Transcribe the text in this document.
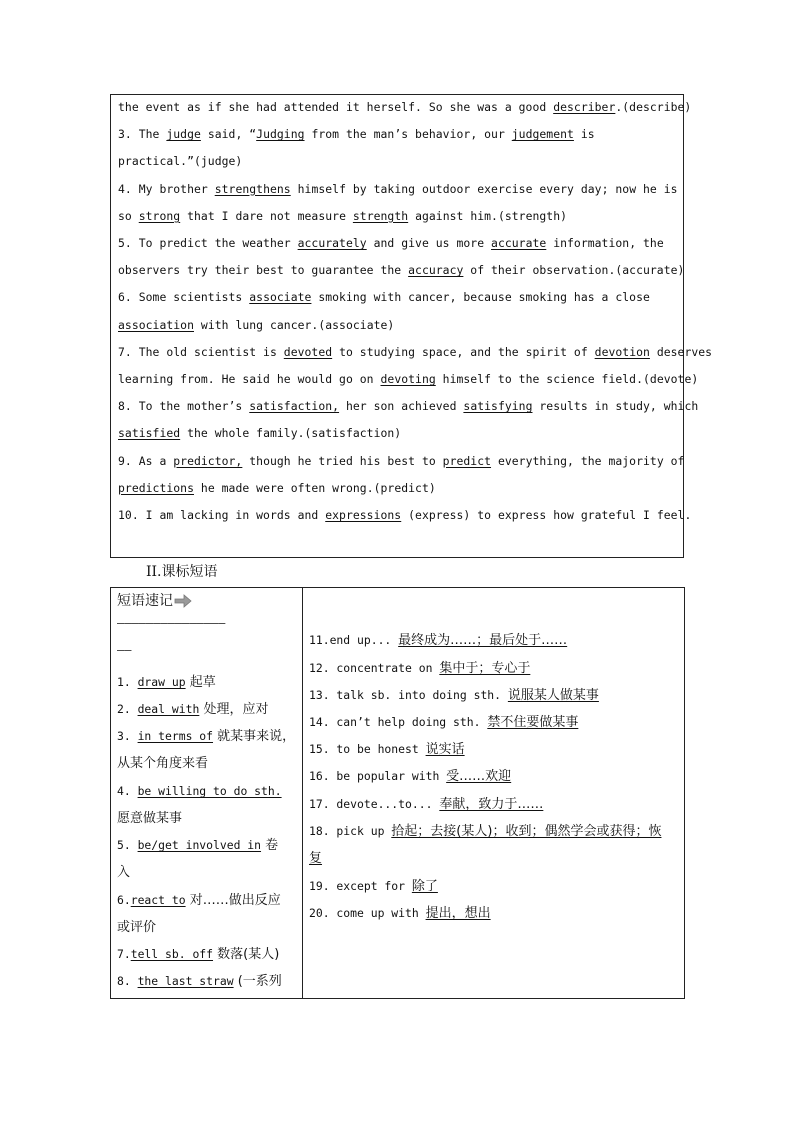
the event as if she had attended it herself. So she was a good describer.(describe)
3. The judge said, “Judging from the man’s behavior, our judgement is
practical.”(judge)
4. My brother strengthens himself by taking outdoor exercise every day; now he is
so strong that I dare not measure strength against him.(strength)
5. To predict the weather accurately and give us more accurate information, the
observers try their best to guarantee the accuracy of their observation.(accurate)
6. Some scientists associate smoking with cancer, because smoking has a close
association with lung cancer.(associate)
7. The old scientist is devoted to studying space, and the spirit of devotion deserves
learning from. He said he would go on devoting himself to the science field.(devote)
8. To the mother’s satisfaction, her son achieved satisfying results in study, which
satisfied the whole family.(satisfaction)
9. As a predictor, though he tried his best to predict everything, the majority of
predictions he made were often wrong.(predict)
10. I am lacking in words and expressions (express) to express how grateful I feel.
II.课标短语
短语速记
———————————————
——
1. draw up 起草
2. deal with 处理，应对
3. in terms of 就某事来说，
从某个角度来看
4. be willing to do sth.
愿意做某事
5. be/get involved in 卷
入
6.react to 对……做出反应
或评价
7.tell sb. off 数落(某人)
8. the last straw (一系列
11.end up... 最终成为……；最后处于……
12. concentrate on 集中于；专心于
13. talk sb. into doing sth. 说服某人做某事
14. can’t help doing sth. 禁不住要做某事
15. to be honest 说实话
16. be popular with 受……欢迎
17. devote...to... 奉献，致力于……
18. pick up 拾起；去接(某人)；收到；偶然学会或获得；恢
复
19. except for 除了
20. come up with 提出，想出
